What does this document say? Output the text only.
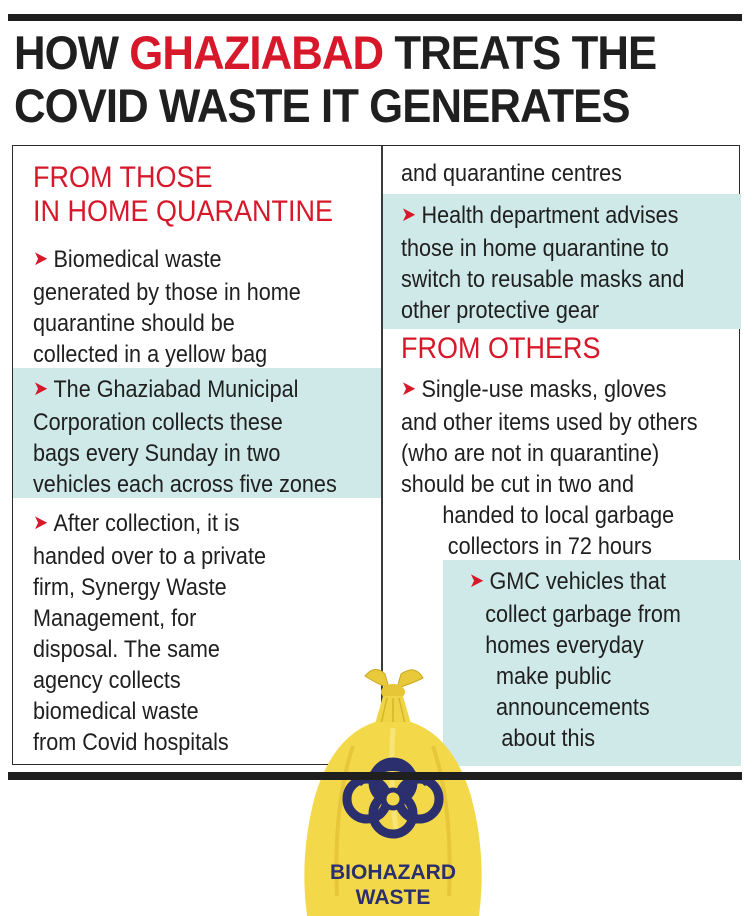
HOW GHAZIABAD TREATS THE
COVID WASTE IT GENERATES
FROM THOSE
IN HOME QUARANTINE
➤ Biomedical waste
generated by those in home
quarantine should be
collected in a yellow bag
➤ The Ghaziabad Municipal
Corporation collects these
bags every Sunday in two
vehicles each across five zones
➤ After collection, it is
handed over to a private
firm, Synergy Waste
Management, for
disposal. The same
agency collects
biomedical waste
from Covid hospitals
and quarantine centres
➤ Health department advises
those in home quarantine to
switch to reusable masks and
other protective gear
FROM OTHERS
➤ Single-use masks, gloves
and other items used by others
(who are not in quarantine)
should be cut in two and
handed to local garbage
collectors in 72 hours
➤ GMC vehicles that
collect garbage from
homes everyday
make public
announcements
about this
BIOHAZARD
WASTE
